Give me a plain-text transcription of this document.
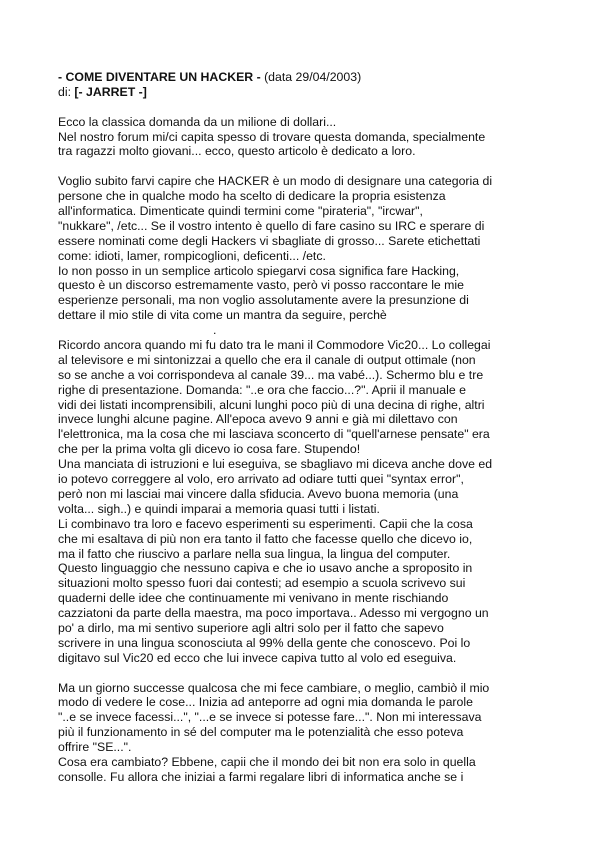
- COME DIVENTARE UN HACKER - (data 29/04/2003)
di: [- JARRET -]
Ecco la classica domanda da un milione di dollari...
Nel nostro forum mi/ci capita spesso di trovare questa domanda, specialmente
tra ragazzi molto giovani... ecco, questo articolo è dedicato a loro.
Voglio subito farvi capire che HACKER è un modo di designare una categoria di
persone che in qualche modo ha scelto di dedicare la propria esistenza
all'informatica. Dimenticate quindi termini come "pirateria", "ircwar",
"nukkare", /etc... Se il vostro intento è quello di fare casino su IRC e sperare di
essere nominati come degli Hackers vi sbagliate di grosso... Sarete etichettati
come: idioti, lamer, rompicoglioni, deficenti... /etc.
Io non posso in un semplice articolo spiegarvi cosa significa fare Hacking,
questo è un discorso estremamente vasto, però vi posso raccontare le mie
esperienze personali, ma non voglio assolutamente avere la presunzione di
dettare il mio stile di vita come un mantra da seguire, perchè
.
Ricordo ancora quando mi fu dato tra le mani il Commodore Vic20... Lo collegai
al televisore e mi sintonizzai a quello che era il canale di output ottimale (non
so se anche a voi corrispondeva al canale 39... ma vabé...). Schermo blu e tre
righe di presentazione. Domanda: "..e ora che faccio...?". Aprii il manuale e
vidi dei listati incomprensibili, alcuni lunghi poco più di una decina di righe, altri
invece lunghi alcune pagine. All'epoca avevo 9 anni e già mi dilettavo con
l'elettronica, ma la cosa che mi lasciava sconcerto di "quell'arnese pensate" era
che per la prima volta gli dicevo io cosa fare. Stupendo!
Una manciata di istruzioni e lui eseguiva, se sbagliavo mi diceva anche dove ed
io potevo correggere al volo, ero arrivato ad odiare tutti quei "syntax error",
però non mi lasciai mai vincere dalla sfiducia. Avevo buona memoria (una
volta... sigh..) e quindi imparai a memoria quasi tutti i listati.
Li combinavo tra loro e facevo esperimenti su esperimenti. Capii che la cosa
che mi esaltava di più non era tanto il fatto che facesse quello che dicevo io,
ma il fatto che riuscivo a parlare nella sua lingua, la lingua del computer.
Questo linguaggio che nessuno capiva e che io usavo anche a sproposito in
situazioni molto spesso fuori dai contesti; ad esempio a scuola scrivevo sui
quaderni delle idee che continuamente mi venivano in mente rischiando
cazziatoni da parte della maestra, ma poco importava.. Adesso mi vergogno un
po' a dirlo, ma mi sentivo superiore agli altri solo per il fatto che sapevo
scrivere in una lingua sconosciuta al 99% della gente che conoscevo. Poi lo
digitavo sul Vic20 ed ecco che lui invece capiva tutto al volo ed eseguiva.
Ma un giorno successe qualcosa che mi fece cambiare, o meglio, cambiò il mio
modo di vedere le cose... Inizia ad anteporre ad ogni mia domanda le parole
"..e se invece facessi...", "...e se invece si potesse fare...". Non mi interessava
più il funzionamento in sé del computer ma le potenzialità che esso poteva
offrire "SE...".
Cosa era cambiato? Ebbene, capii che il mondo dei bit non era solo in quella
consolle. Fu allora che iniziai a farmi regalare libri di informatica anche se i
